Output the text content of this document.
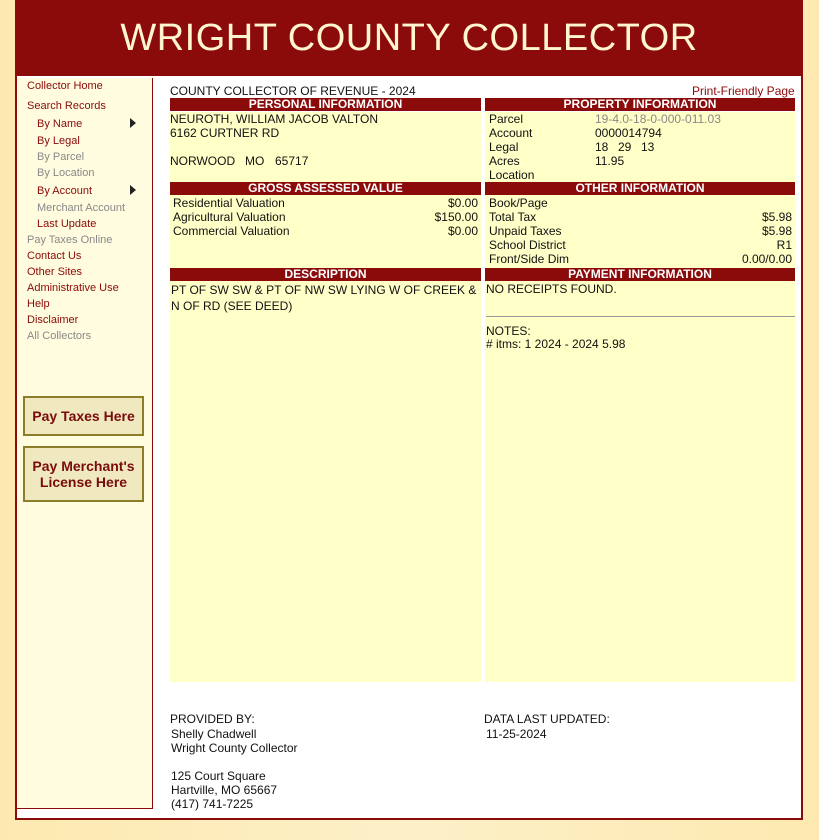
WRIGHT COUNTY COLLECTOR
Collector Home
Search Records
By Name
By Legal
By Parcel
By Location
By Account
Merchant Account
Last Update
Pay Taxes Online
Contact Us
Other Sites
Administrative Use
Help
Disclaimer
All Collectors
Pay Taxes Here
Pay Merchant's
License Here
COUNTY COLLECTOR OF REVENUE - 2024	Print-Friendly Page
PERSONAL INFORMATION
NEUROTH, WILLIAM JACOB VALTON
6162 CURTNER RD
NORWOOD MO 65717
PROPERTY INFORMATION
Parcel	19-4.0-18-0-000-011.03
Account	0000014794
Legal	18 29 13
Acres	11.95
Location
GROSS ASSESSED VALUE
Residential Valuation	$0.00
Agricultural Valuation	$150.00
Commercial Valuation	$0.00
OTHER INFORMATION
Book/Page
Total Tax	$5.98
Unpaid Taxes	$5.98
School District	R1
Front/Side Dim	0.00/0.00
DESCRIPTION
PT OF SW SW & PT OF NW SW LYING W OF CREEK &
N OF RD (SEE DEED)
PAYMENT INFORMATION
NO RECEIPTS FOUND.
NOTES:
# itms: 1 2024 - 2024 5.98
PROVIDED BY:
Shelly Chadwell
Wright County Collector
125 Court Square
Hartville, MO 65667
(417) 741-7225
DATA LAST UPDATED:
11-25-2024
